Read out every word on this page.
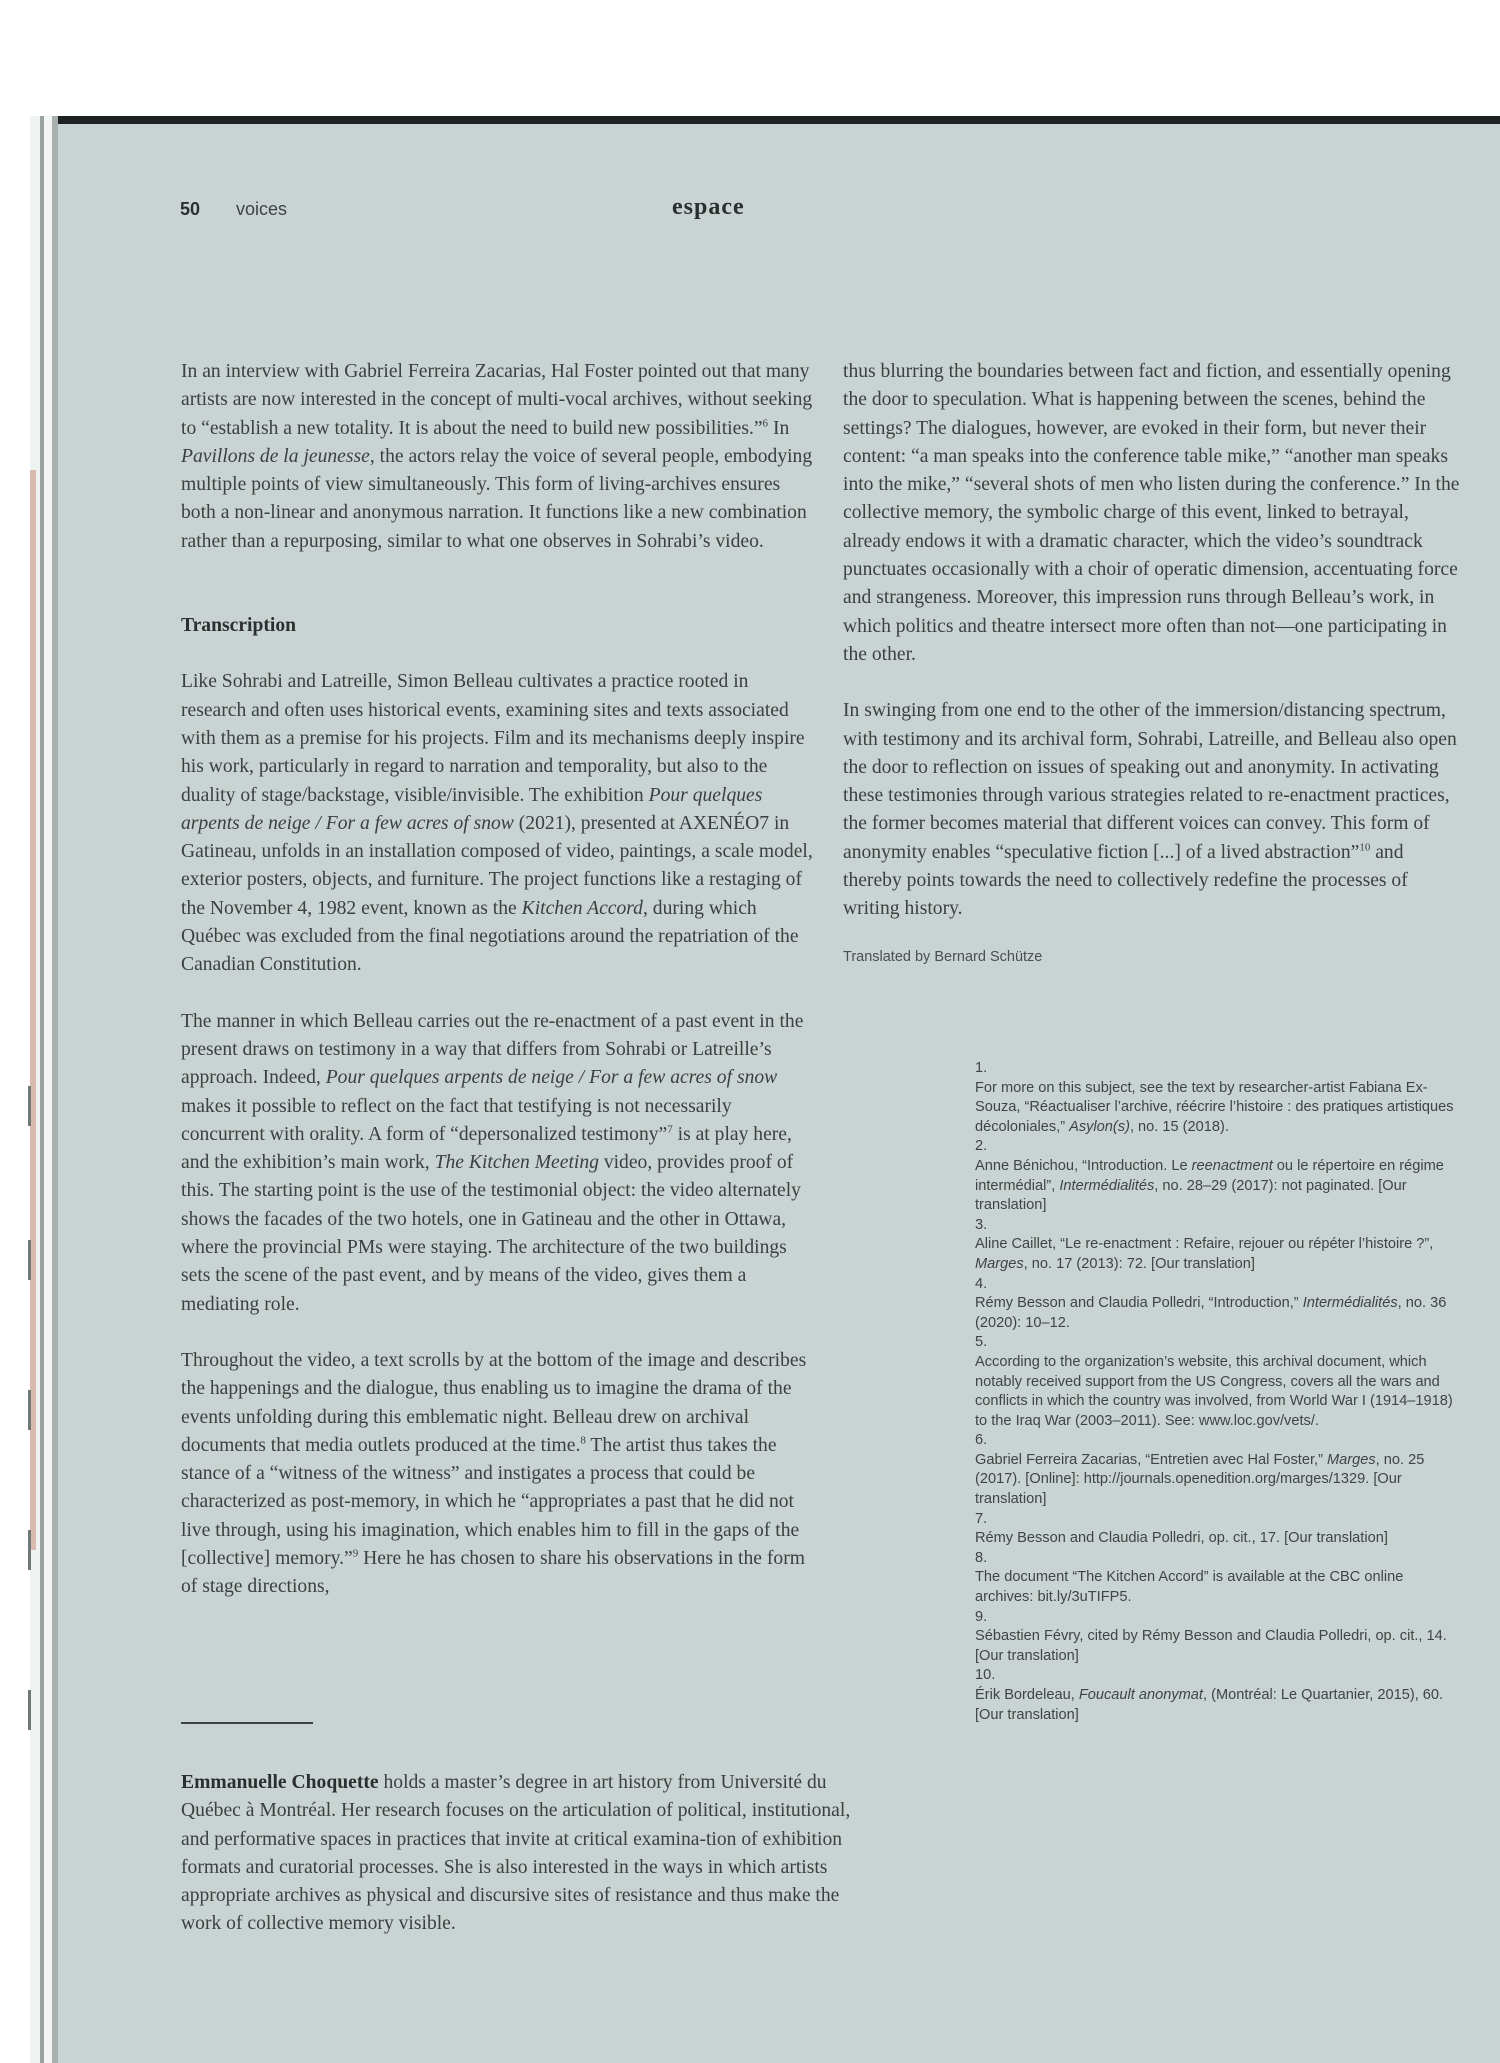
50 voices	espace

In an interview with Gabriel Ferreira Zacarias, Hal Foster pointed out that many artists are now interested in the concept of multi-vocal archives, without seeking to “establish a new totality. It is about the need to build new possibilities.”$^6$ In Pavillons de la jeunesse, the actors relay the voice of several people, embodying multiple points of view simultaneously. This form of living-archives ensures both a non-linear and anonymous narration. It functions like a new combination rather than a repurposing, similar to what one observes in Sohrabi’s video.

Transcription

Like Sohrabi and Latreille, Simon Belleau cultivates a practice rooted in research and often uses historical events, examining sites and texts associated with them as a premise for his projects. Film and its mechanisms deeply inspire his work, particularly in regard to narration and temporality, but also to the duality of stage/backstage, visible/invisible. The exhibition Pour quelques arpents de neige / For a few acres of snow (2021), presented at AXENÉO7 in Gatineau, unfolds in an installation composed of video, paintings, a scale model, exterior posters, objects, and furniture. The project functions like a restaging of the November 4, 1982 event, known as the Kitchen Accord, during which Québec was excluded from the final negotiations around the repatriation of the Canadian Constitution.

The manner in which Belleau carries out the re-enactment of a past event in the present draws on testimony in a way that differs from Sohrabi or Latreille’s approach. Indeed, Pour quelques arpents de neige / For a few acres of snow makes it possible to reflect on the fact that testifying is not necessarily concurrent with orality. A form of “depersonalized testimony”$^7$ is at play here, and the exhibition’s main work, The Kitchen Meeting video, provides proof of this. The starting point is the use of the testimonial object: the video alternately shows the facades of the two hotels, one in Gatineau and the other in Ottawa, where the provincial PMs were staying. The architecture of the two buildings sets the scene of the past event, and by means of the video, gives them a mediating role.

Throughout the video, a text scrolls by at the bottom of the image and describes the happenings and the dialogue, thus enabling us to imagine the drama of the events unfolding during this emblematic night. Belleau drew on archival documents that media outlets produced at the time.$^8$ The artist thus takes the stance of a “witness of the witness” and instigates a process that could be characterized as post-memory, in which he “appropriates a past that he did not live through, using his imagination, which enables him to fill in the gaps of the [collective] memory.”$^9$ Here he has chosen to share his observations in the form of stage directions,

thus blurring the boundaries between fact and fiction, and essentially opening the door to speculation. What is happening between the scenes, behind the settings? The dialogues, however, are evoked in their form, but never their content: “a man speaks into the conference table mike,” “another man speaks into the mike,” “several shots of men who listen during the conference.” In the collective memory, the symbolic charge of this event, linked to betrayal, already endows it with a dramatic character, which the video’s soundtrack punctuates occasionally with a choir of operatic dimension, accentuating force and strangeness. Moreover, this impression runs through Belleau’s work, in which politics and theatre intersect more often than not—one participating in the other.

In swinging from one end to the other of the immersion/distancing spectrum, with testimony and its archival form, Sohrabi, Latreille, and Belleau also open the door to reflection on issues of speaking out and anonymity. In activating these testimonies through various strategies related to re-enactment practices, the former becomes material that different voices can convey. This form of anonymity enables “speculative fiction [...] of a lived abstraction”$^{10}$ and thereby points towards the need to collectively redefine the processes of writing history.

Translated by Bernard Schütze
1.
For more on this subject, see the text by researcher-artist Fabiana Ex-Souza, “Réactualiser l’archive, réécrire l’histoire : des pratiques artistiques décoloniales,” Asylon(s), no. 15 (2018).
2.
Anne Bénichou, “Introduction. Le reenactment ou le répertoire en régime intermédial”, Intermédialités, no. 28–29 (2017): not paginated. [Our translation]
3.
Aline Caillet, “Le re-enactment : Refaire, rejouer ou répéter l’histoire ?”, Marges, no. 17 (2013): 72. [Our translation]
4.
Rémy Besson and Claudia Polledri, “Introduction,” Intermédialités, no. 36 (2020): 10–12.
5.
According to the organization’s website, this archival document, which notably received support from the US Congress, covers all the wars and conflicts in which the country was involved, from World War I (1914–1918) to the Iraq War (2003–2011). See: www.loc.gov/vets/.
6.
Gabriel Ferreira Zacarias, “Entretien avec Hal Foster,” Marges, no. 25 (2017). [Online]: http://journals.openedition.org/marges/1329. [Our translation]
7.
Rémy Besson and Claudia Polledri, op. cit., 17. [Our translation]
8.
The document “The Kitchen Accord” is available at the CBC online archives: bit.ly/3uTIFP5.
9.
Sébastien Févry, cited by Rémy Besson and Claudia Polledri, op. cit., 14. [Our translation]
10.
Érik Bordeleau, Foucault anonymat, (Montréal: Le Quartanier, 2015), 60. [Our translation]
Emmanuelle Choquette holds a master’s degree in art history from Université du Québec à Montréal. Her research focuses on the articulation of political, institutional, and performative spaces in practices that invite at critical examina-tion of exhibition formats and curatorial processes. She is also interested in the ways in which artists appropriate archives as physical and discursive sites of resistance and thus make the work of collective memory visible.
